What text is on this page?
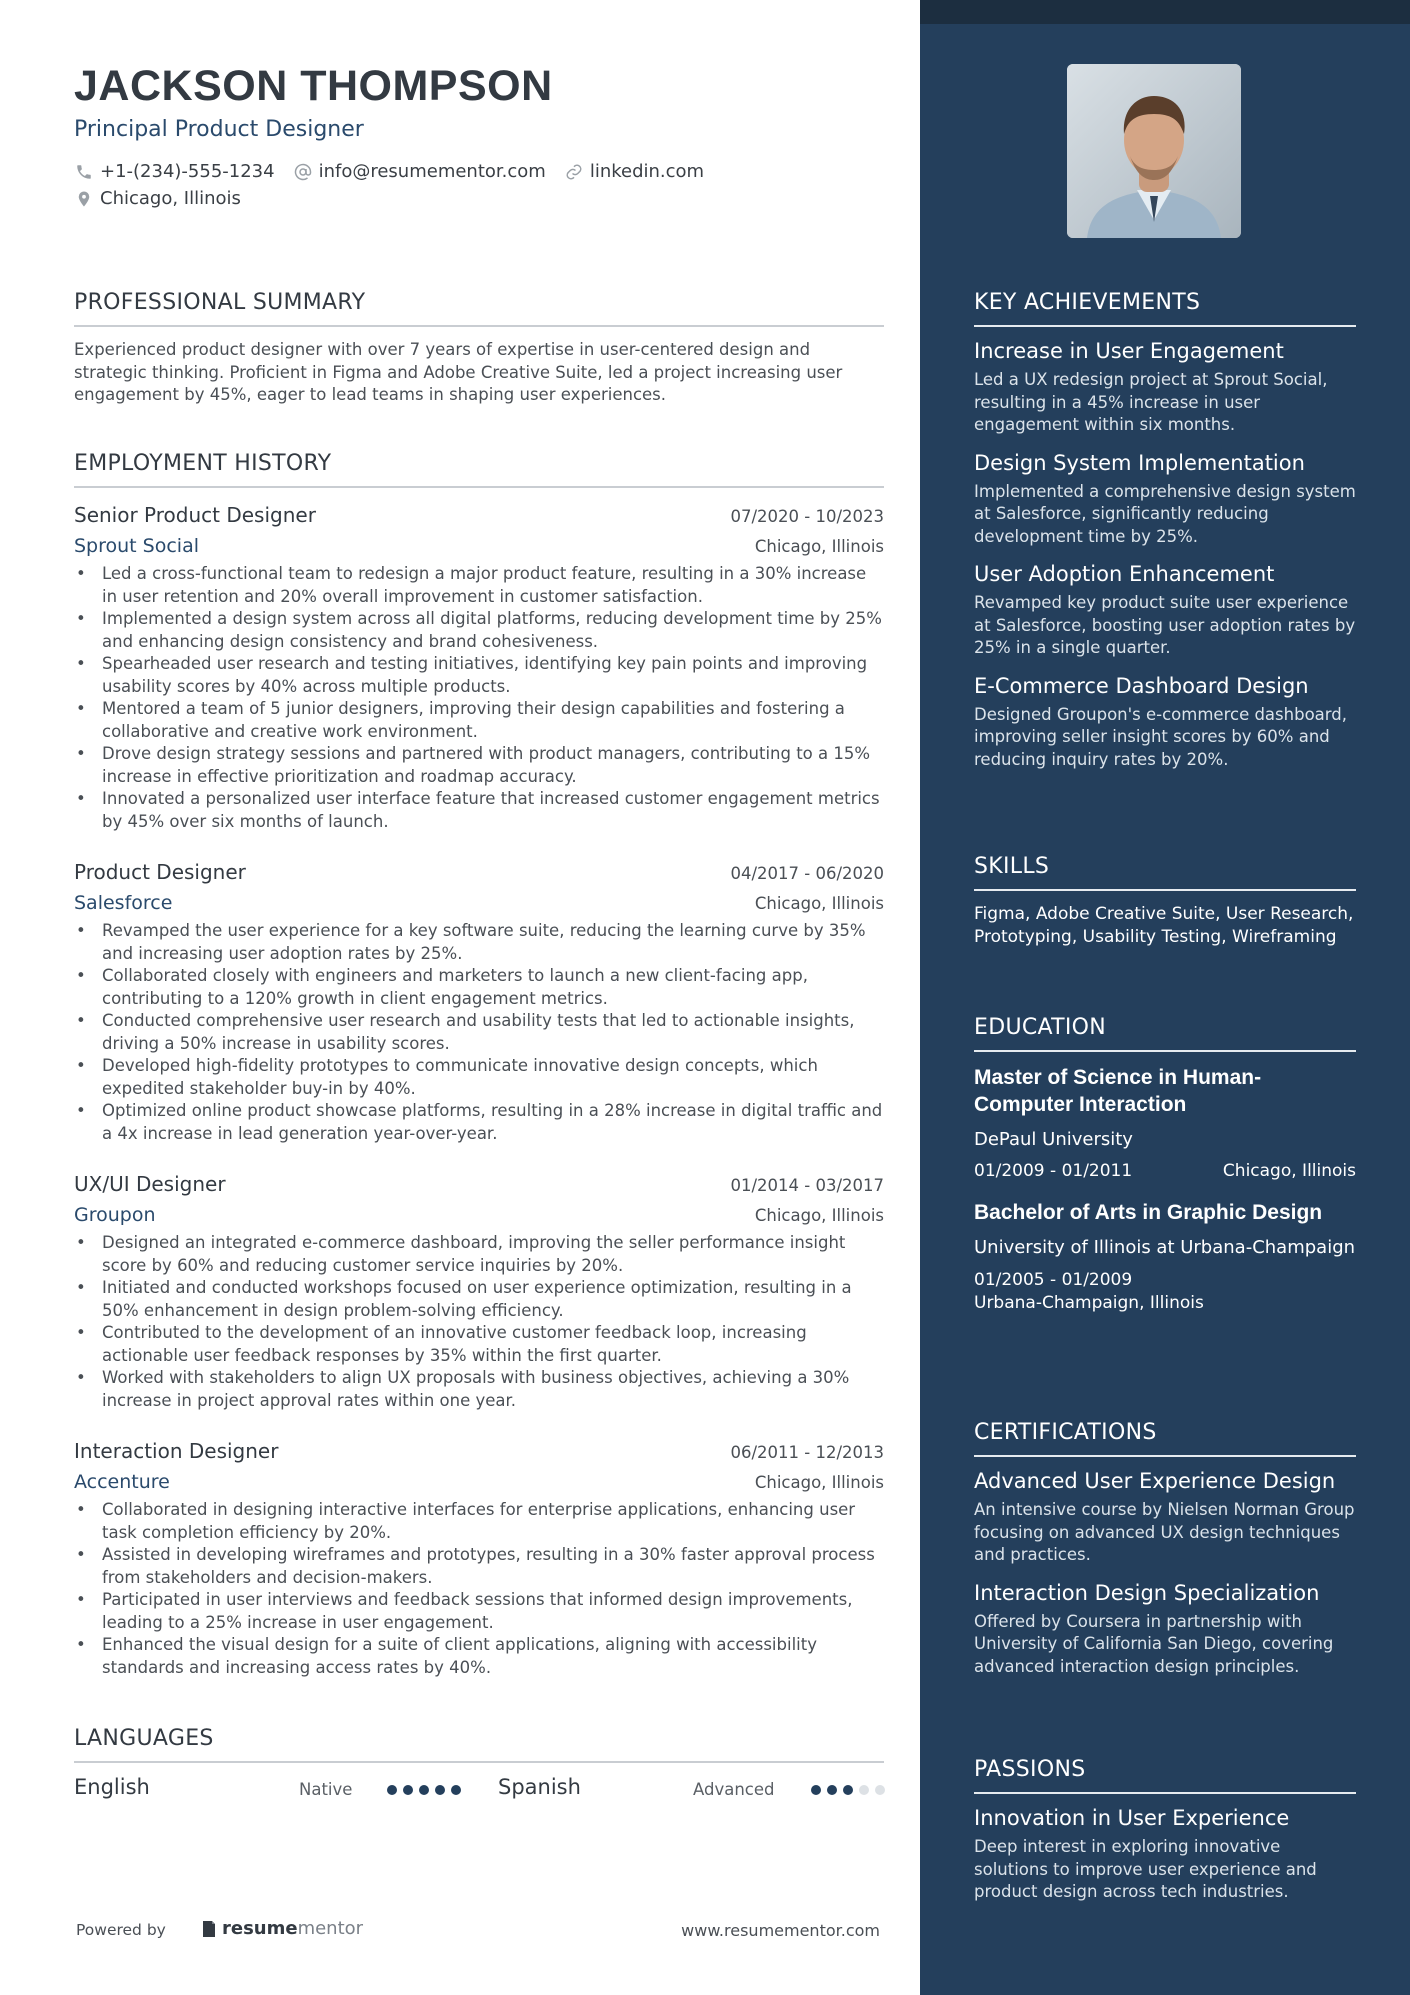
JACKSON THOMPSON
Principal Product Designer
+1-(234)-555-1234 info@resumementor.com linkedin.com
Chicago, Illinois
PROFESSIONAL SUMMARY
Experienced product designer with over 7 years of expertise in user-centered design and strategic thinking. Proficient in Figma and Adobe Creative Suite, led a project increasing user engagement by 45%, eager to lead teams in shaping user experiences.
EMPLOYMENT HISTORY
Senior Product Designer	07/2020 - 10/2023
Sprout Social	Chicago, Illinois
• Led a cross-functional team to redesign a major product feature, resulting in a 30% increase in user retention and 20% overall improvement in customer satisfaction.
• Implemented a design system across all digital platforms, reducing development time by 25% and enhancing design consistency and brand cohesiveness.
• Spearheaded user research and testing initiatives, identifying key pain points and improving usability scores by 40% across multiple products.
• Mentored a team of 5 junior designers, improving their design capabilities and fostering a collaborative and creative work environment.
• Drove design strategy sessions and partnered with product managers, contributing to a 15% increase in effective prioritization and roadmap accuracy.
• Innovated a personalized user interface feature that increased customer engagement metrics by 45% over six months of launch.
Product Designer	04/2017 - 06/2020
Salesforce	Chicago, Illinois
• Revamped the user experience for a key software suite, reducing the learning curve by 35% and increasing user adoption rates by 25%.
• Collaborated closely with engineers and marketers to launch a new client-facing app, contributing to a 120% growth in client engagement metrics.
• Conducted comprehensive user research and usability tests that led to actionable insights, driving a 50% increase in usability scores.
• Developed high-fidelity prototypes to communicate innovative design concepts, which expedited stakeholder buy-in by 40%.
• Optimized online product showcase platforms, resulting in a 28% increase in digital traffic and a 4x increase in lead generation year-over-year.
UX/UI Designer	01/2014 - 03/2017
Groupon	Chicago, Illinois
• Designed an integrated e-commerce dashboard, improving the seller performance insight score by 60% and reducing customer service inquiries by 20%.
• Initiated and conducted workshops focused on user experience optimization, resulting in a 50% enhancement in design problem-solving efficiency.
• Contributed to the development of an innovative customer feedback loop, increasing actionable user feedback responses by 35% within the first quarter.
• Worked with stakeholders to align UX proposals with business objectives, achieving a 30% increase in project approval rates within one year.
Interaction Designer	06/2011 - 12/2013
Accenture	Chicago, Illinois
• Collaborated in designing interactive interfaces for enterprise applications, enhancing user task completion efficiency by 20%.
• Assisted in developing wireframes and prototypes, resulting in a 30% faster approval process from stakeholders and decision-makers.
• Participated in user interviews and feedback sessions that informed design improvements, leading to a 25% increase in user engagement.
• Enhanced the visual design for a suite of client applications, aligning with accessibility standards and increasing access rates by 40%.
LANGUAGES
English	Native	Spanish	Advanced
Powered by	resume mentor	www.resumementor.com
KEY ACHIEVEMENTS
Increase in User Engagement
Led a UX redesign project at Sprout Social, resulting in a 45% increase in user engagement within six months.
Design System Implementation
Implemented a comprehensive design system at Salesforce, significantly reducing development time by 25%.
User Adoption Enhancement
Revamped key product suite user experience at Salesforce, boosting user adoption rates by 25% in a single quarter.
E-Commerce Dashboard Design
Designed Groupon's e-commerce dashboard, improving seller insight scores by 60% and reducing inquiry rates by 20%.
SKILLS
Figma, Adobe Creative Suite, User Research, Prototyping, Usability Testing, Wireframing
EDUCATION
Master of Science in Human-Computer Interaction
DePaul University
01/2009 - 01/2011	Chicago, Illinois
Bachelor of Arts in Graphic Design
University of Illinois at Urbana-Champaign
01/2005 - 01/2009
Urbana-Champaign, Illinois
CERTIFICATIONS
Advanced User Experience Design
An intensive course by Nielsen Norman Group focusing on advanced UX design techniques and practices.
Interaction Design Specialization
Offered by Coursera in partnership with University of California San Diego, covering advanced interaction design principles.
PASSIONS
Innovation in User Experience
Deep interest in exploring innovative solutions to improve user experience and product design across tech industries.
